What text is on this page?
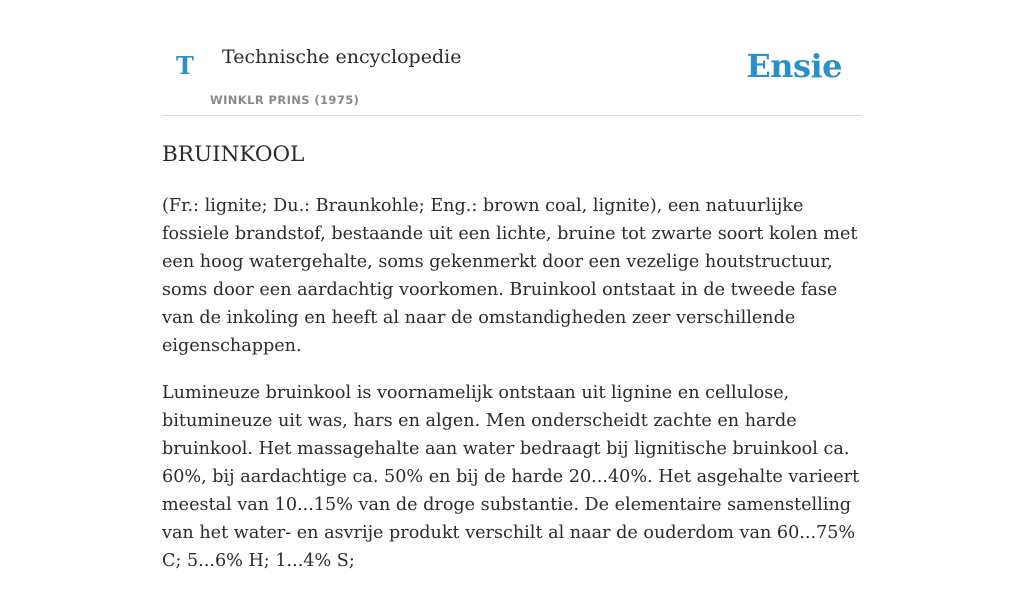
T Technische encyclopedie
WINKLR PRINS (1975)
Ensie
BRUINKOOL

(Fr.: lignite; Du.: Braunkohle; Eng.: brown coal, lignite), een natuurlijke fossiele brandstof, bestaande uit een lichte, bruine tot zwarte soort kolen met een hoog watergehalte, soms gekenmerkt door een vezelige houtstructuur, soms door een aardachtig voorkomen. Bruinkool ontstaat in de tweede fase van de inkoling en heeft al naar de omstandigheden zeer verschillende eigenschappen.

Lumineuze bruinkool is voornamelijk ontstaan uit lignine en cellulose, bitumineuze uit was, hars en algen. Men onderscheidt zachte en harde bruinkool. Het massagehalte aan water bedraagt bij lignitische bruinkool ca. 60%, bij aardachtige ca. 50% en bij de harde 20...40%. Het asgehalte varieert meestal van 10...15% van de droge substantie. De elementaire samenstelling van het water- en asvrije produkt verschilt al naar de ouderdom van 60...75% C; 5...6% H; 1...4% S;
